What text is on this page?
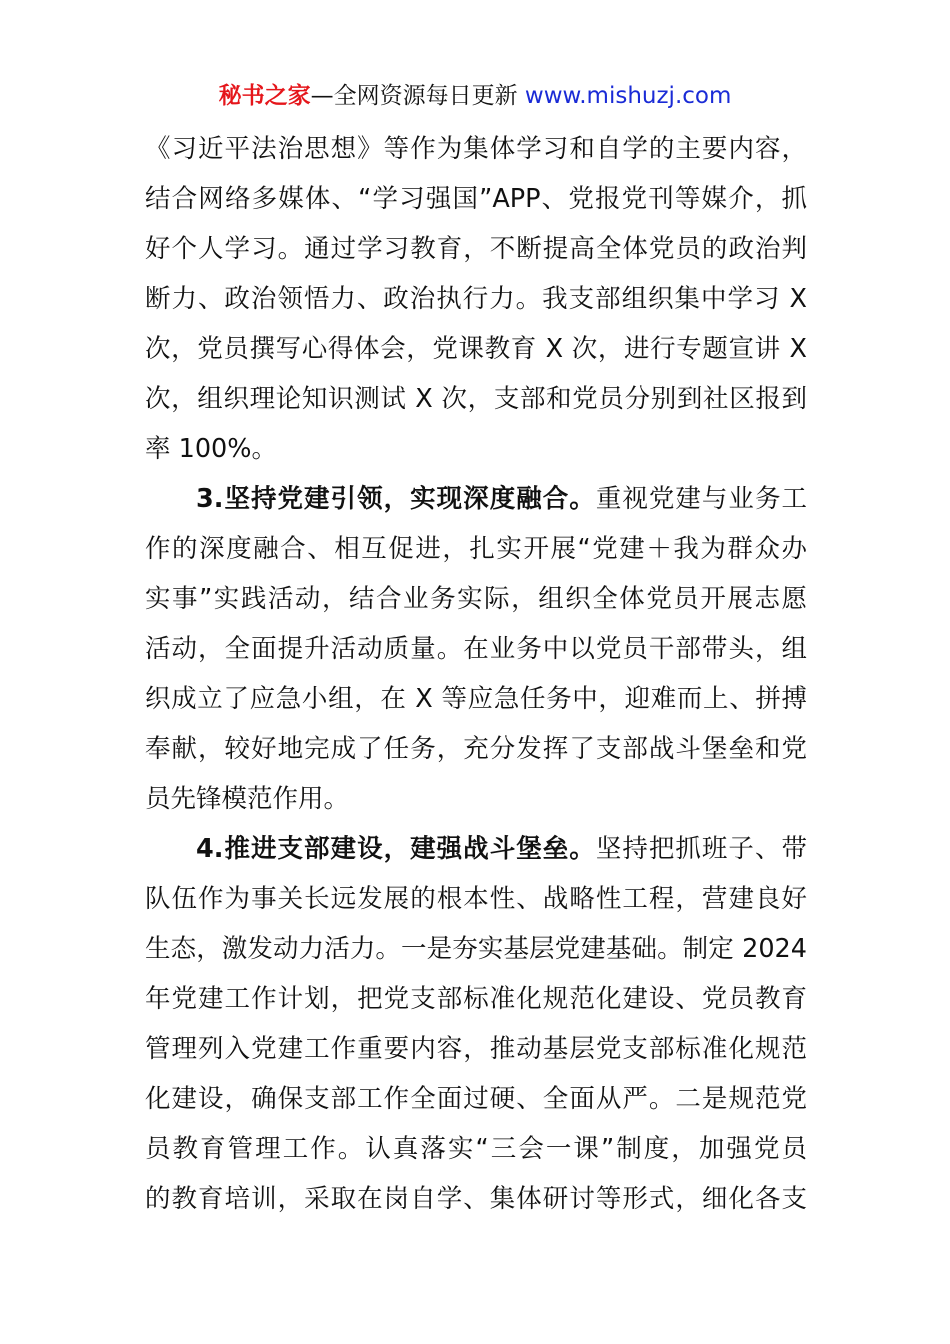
秘书之家—全网资源每日更新 www.mishuzj.com
《习近平法治思想》等作为集体学习和自学的主要内容，
结合网络多媒体、“学习强国”APP、党报党刊等媒介，抓
好个人学习。通过学习教育，不断提高全体党员的政治判
断力、政治领悟力、政治执行力。我支部组织集中学习 X
次，党员撰写心得体会，党课教育 X 次，进行专题宣讲 X
次，组织理论知识测试 X 次，支部和党员分别到社区报到
率 100%。
3.坚持党建引领，实现深度融合。重视党建与业务工
作的深度融合、相互促进，扎实开展“党建＋我为群众办
实事”实践活动，结合业务实际，组织全体党员开展志愿
活动，全面提升活动质量。在业务中以党员干部带头，组
织成立了应急小组，在 X 等应急任务中，迎难而上、拼搏
奉献，较好地完成了任务，充分发挥了支部战斗堡垒和党
员先锋模范作用。
4.推进支部建设，建强战斗堡垒。坚持把抓班子、带
队伍作为事关长远发展的根本性、战略性工程，营建良好
生态，激发动力活力。一是夯实基层党建基础。制定 2024
年党建工作计划，把党支部标准化规范化建设、党员教育
管理列入党建工作重要内容，推动基层党支部标准化规范
化建设，确保支部工作全面过硬、全面从严。二是规范党
员教育管理工作。认真落实“三会一课”制度，加强党员
的教育培训，采取在岗自学、集体研讨等形式，细化各支
